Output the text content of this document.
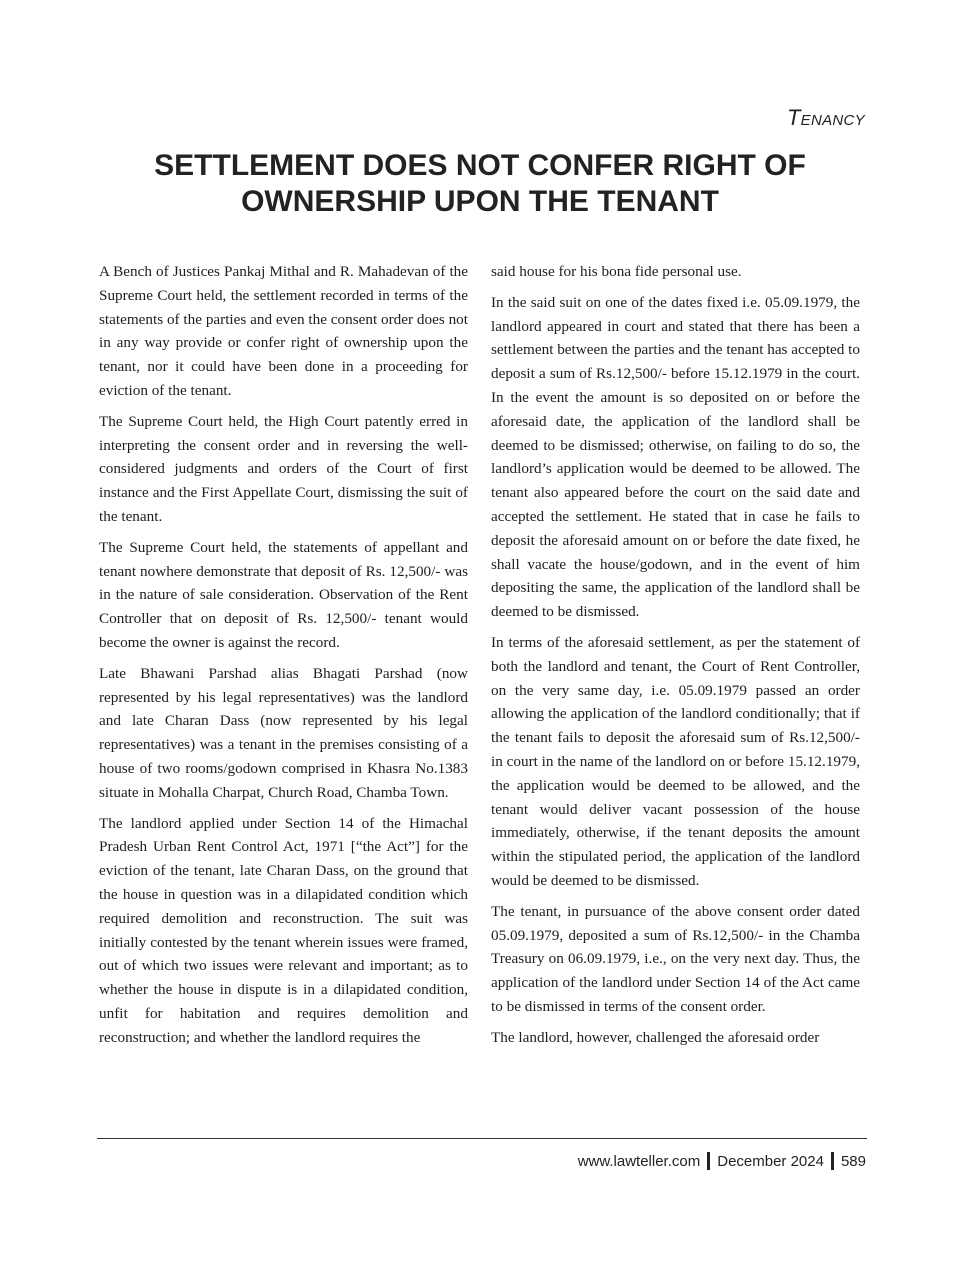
Tenancy
SETTLEMENT DOES NOT CONFER RIGHT OF OWNERSHIP UPON THE TENANT

A Bench of Justices Pankaj Mithal and R. Mahadevan of the Supreme Court held, the settlement recorded in terms of the statements of the parties and even the consent order does not in any way provide or confer right of ownership upon the tenant, nor it could have been done in a proceeding for eviction of the tenant.

The Supreme Court held, the High Court patently erred in interpreting the consent order and in reversing the well-considered judgments and orders of the Court of first instance and the First Appellate Court, dismissing the suit of the tenant.

The Supreme Court held, the statements of appellant and tenant nowhere demonstrate that deposit of Rs. 12,500/- was in the nature of sale consideration. Observation of the Rent Controller that on deposit of Rs. 12,500/- tenant would become the owner is against the record.

Late Bhawani Parshad alias Bhagati Parshad (now represented by his legal representatives) was the landlord and late Charan Dass (now represented by his legal representatives) was a tenant in the premises consisting of a house of two rooms/godown comprised in Khasra No.1383 situate in Mohalla Charpat, Church Road, Chamba Town.

The landlord applied under Section 14 of the Himachal Pradesh Urban Rent Control Act, 1971 [“the Act”] for the eviction of the tenant, late Charan Dass, on the ground that the house in question was in a dilapidated condition which required demolition and reconstruction. The suit was initially contested by the tenant wherein issues were framed, out of which two issues were relevant and important; as to whether the house in dispute is in a dilapidated condition, unfit for habitation and requires demolition and reconstruction; and whether the landlord requires the

said house for his bona fide personal use.

In the said suit on one of the dates fixed i.e. 05.09.1979, the landlord appeared in court and stated that there has been a settlement between the parties and the tenant has accepted to deposit a sum of Rs.12,500/- before 15.12.1979 in the court. In the event the amount is so deposited on or before the aforesaid date, the application of the landlord shall be deemed to be dismissed; otherwise, on failing to do so, the landlord’s application would be deemed to be allowed. The tenant also appeared before the court on the said date and accepted the settlement. He stated that in case he fails to deposit the aforesaid amount on or before the date fixed, he shall vacate the house/godown, and in the event of him depositing the same, the application of the landlord shall be deemed to be dismissed.

In terms of the aforesaid settlement, as per the statement of both the landlord and tenant, the Court of Rent Controller, on the very same day, i.e. 05.09.1979 passed an order allowing the application of the landlord conditionally; that if the tenant fails to deposit the aforesaid sum of Rs.12,500/- in court in the name of the landlord on or before 15.12.1979, the application would be deemed to be allowed, and the tenant would deliver vacant possession of the house immediately, otherwise, if the tenant deposits the amount within the stipulated period, the application of the landlord would be deemed to be dismissed.

The tenant, in pursuance of the above consent order dated 05.09.1979, deposited a sum of Rs.12,500/- in the Chamba Treasury on 06.09.1979, i.e., on the very next day. Thus, the application of the landlord under Section 14 of the Act came to be dismissed in terms of the consent order.

The landlord, however, challenged the aforesaid order

www.lawteller.com December 2024 589
